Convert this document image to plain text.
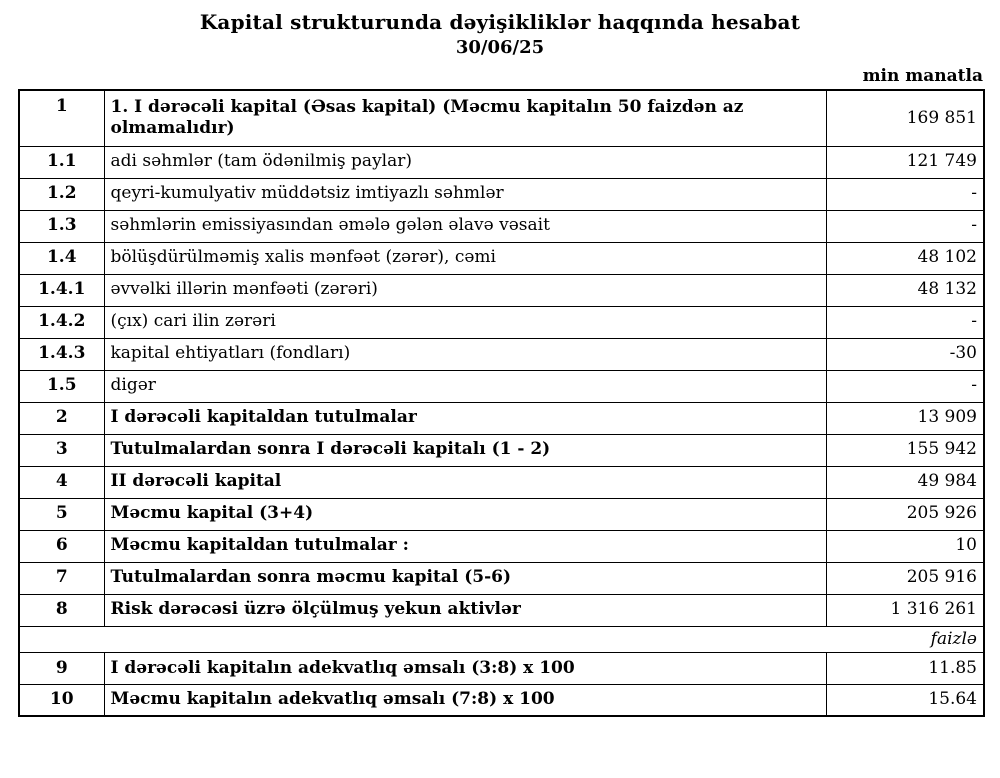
Kapital strukturunda dəyişikliklər haqqında hesabat
30/06/25
min manatla
1	1. I dərəcəli kapital (Əsas kapital) (Məcmu kapitalın 50 faizdən az olmamalıdır)	169 851
1.1	adi səhmlər (tam ödənilmiş paylar)	121 749
1.2	qeyri-kumulyativ müddətsiz imtiyazlı səhmlər	-
1.3	səhmlərin emissiyasından əmələ gələn əlavə vəsait	-
1.4	bölüşdürülməmiş xalis mənfəət (zərər), cəmi	48 102
1.4.1	əvvəlki illərin mənfəəti (zərəri)	48 132
1.4.2	(çıx) cari ilin zərəri	-
1.4.3	kapital ehtiyatları (fondları)	-30
1.5	digər	-
2	I dərəcəli kapitaldan tutulmalar	13 909
3	Tutulmalardan sonra I dərəcəli kapitalı (1 - 2)	155 942
4	II dərəcəli kapital	49 984
5	Məcmu kapital (3+4)	205 926
6	Məcmu kapitaldan tutulmalar :	10
7	Tutulmalardan sonra məcmu kapital (5-6)	205 916
8	Risk dərəcəsi üzrə ölçülmuş yekun aktivlər	1 316 261
faizlə		
9	I dərəcəli kapitalın adekvatlıq əmsalı (3:8) x 100	11.85
10	Məcmu kapitalın adekvatlıq əmsalı (7:8) x 100	15.64
